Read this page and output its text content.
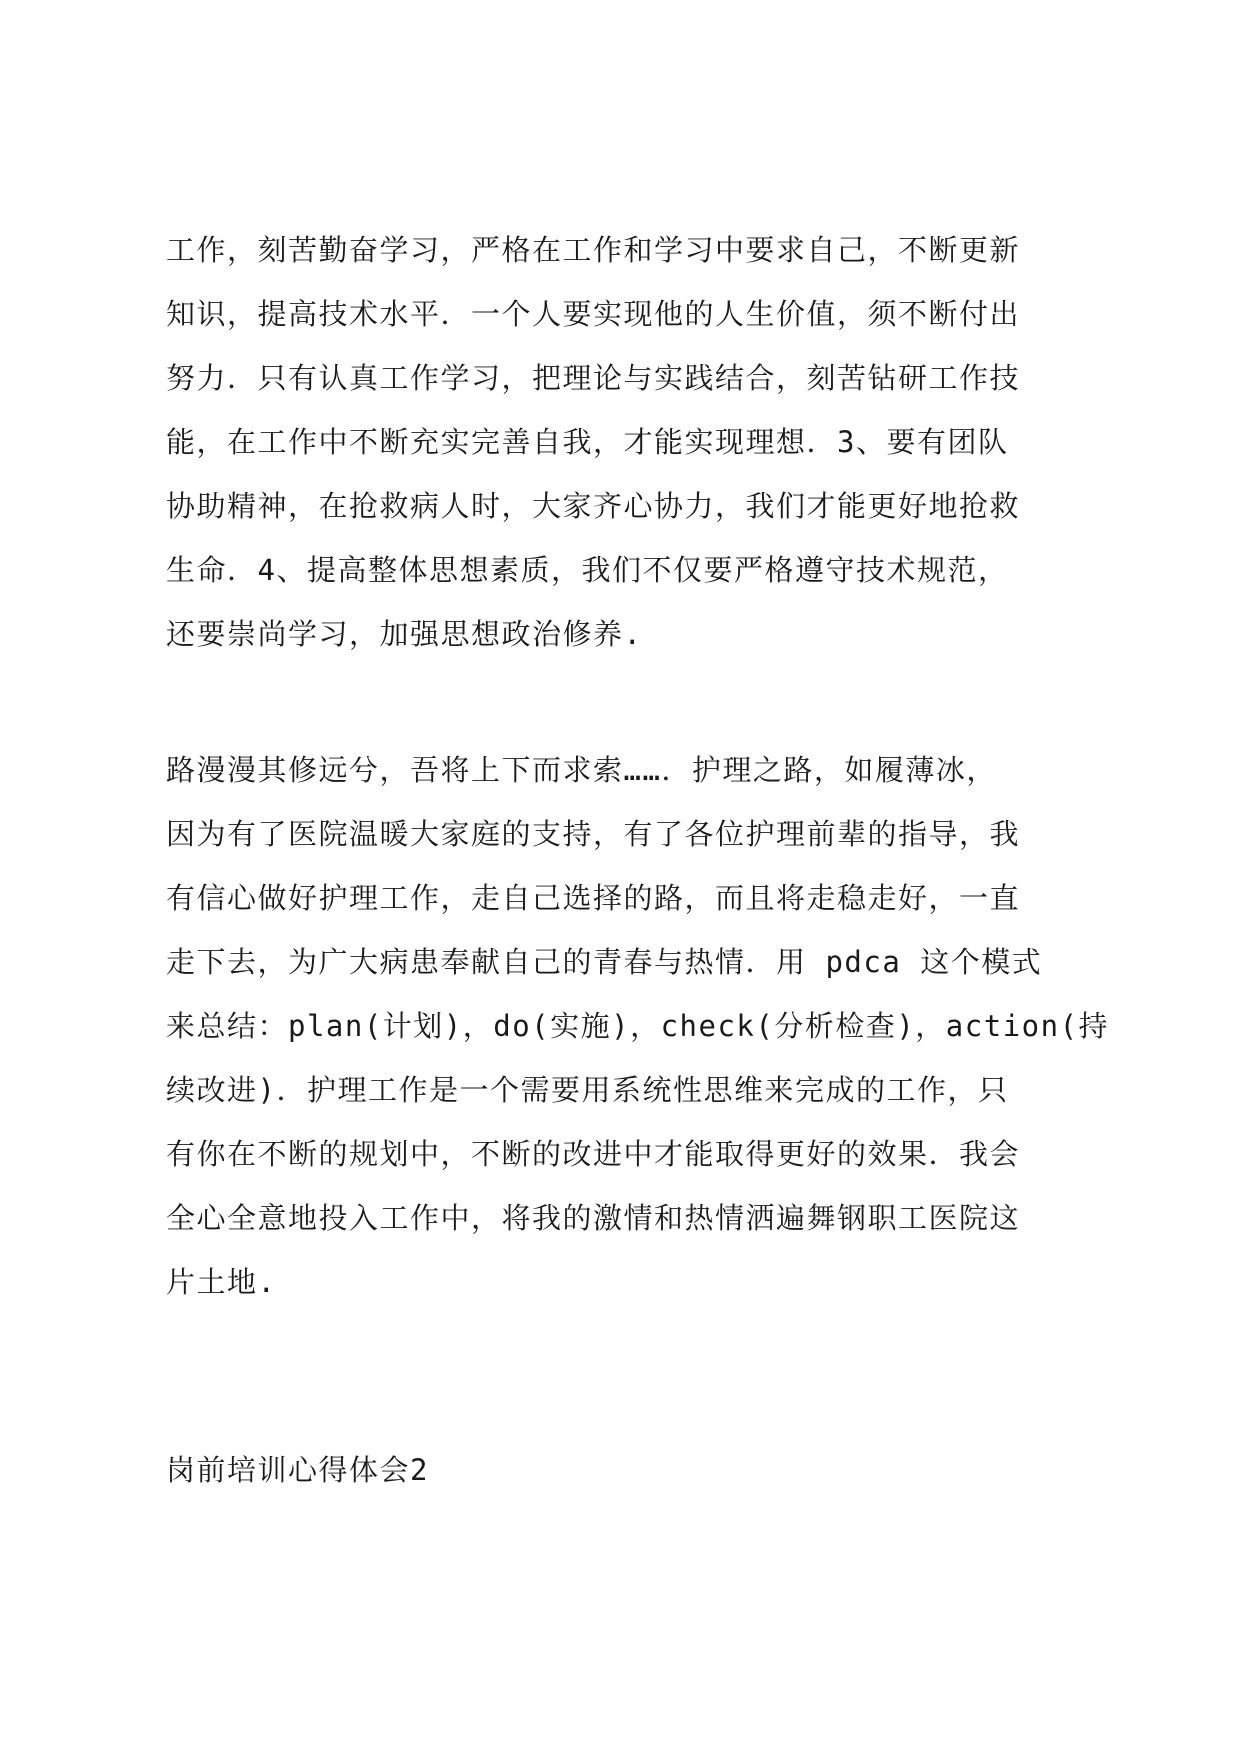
工作，刻苦勤奋学习，严格在工作和学习中要求自己，不断更新
知识，提高技术水平．一个人要实现他的人生价值，须不断付出
努力．只有认真工作学习，把理论与实践结合，刻苦钻研工作技
能，在工作中不断充实完善自我，才能实现理想．3、要有团队
协助精神，在抢救病人时，大家齐心协力，我们才能更好地抢救
生命．4、提高整体思想素质，我们不仅要严格遵守技术规范，
还要崇尚学习，加强思想政治修养.
路漫漫其修远兮，吾将上下而求索……．护理之路，如履薄冰，
因为有了医院温暖大家庭的支持，有了各位护理前辈的指导，我
有信心做好护理工作，走自己选择的路，而且将走稳走好，一直
走下去，为广大病患奉献自己的青春与热情．用 pdca 这个模式
来总结：plan(计划)，do(实施)，check(分析检查)，action(持
续改进)．护理工作是一个需要用系统性思维来完成的工作，只
有你在不断的规划中，不断的改进中才能取得更好的效果．我会
全心全意地投入工作中，将我的激情和热情洒遍舞钢职工医院这
片土地.
岗前培训心得体会2
